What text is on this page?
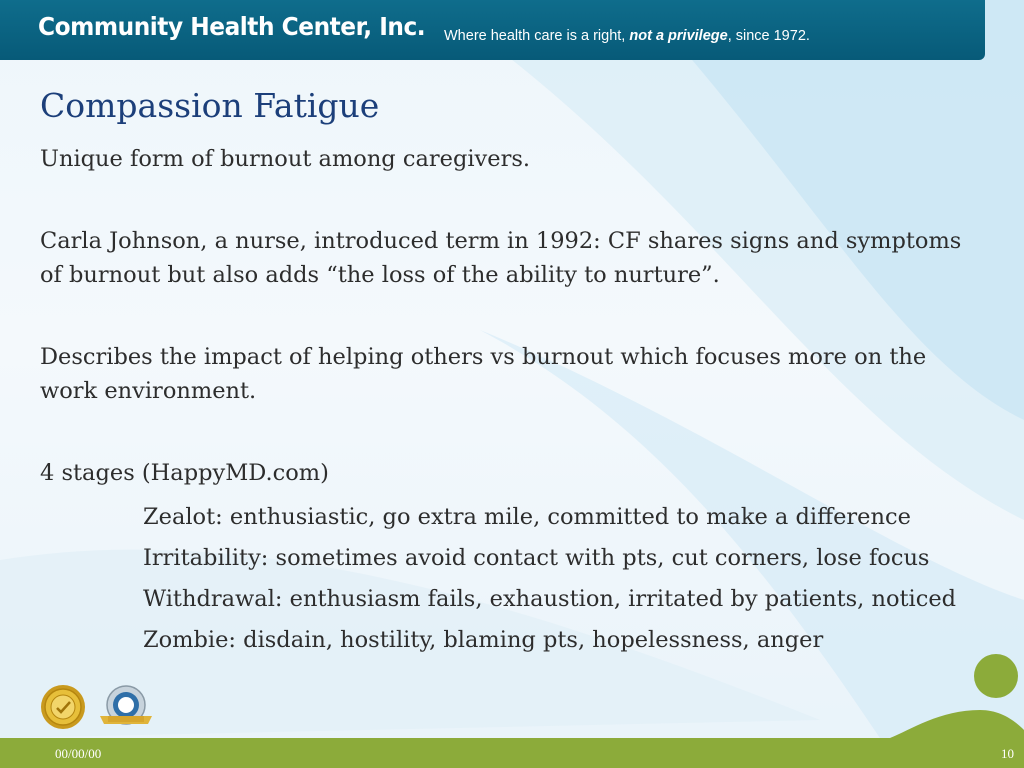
Community Health Center, Inc. Where health care is a right, not a privilege, since 1972.
Compassion Fatigue

Unique form of burnout among caregivers.

Carla Johnson, a nurse, introduced term in 1992: CF shares signs and symptoms of burnout but also adds “the loss of the ability to nurture”.

Describes the impact of helping others vs burnout which focuses more on the work environment.

4 stages (HappyMD.com)

Zealot: enthusiastic, go extra mile, committed to make a difference
Irritability: sometimes avoid contact with pts, cut corners, lose focus
Withdrawal: enthusiasm fails, exhaustion, irritated by patients, noticed
Zombie: disdain, hostility, blaming pts, hopelessness, anger
00/00/00	10
